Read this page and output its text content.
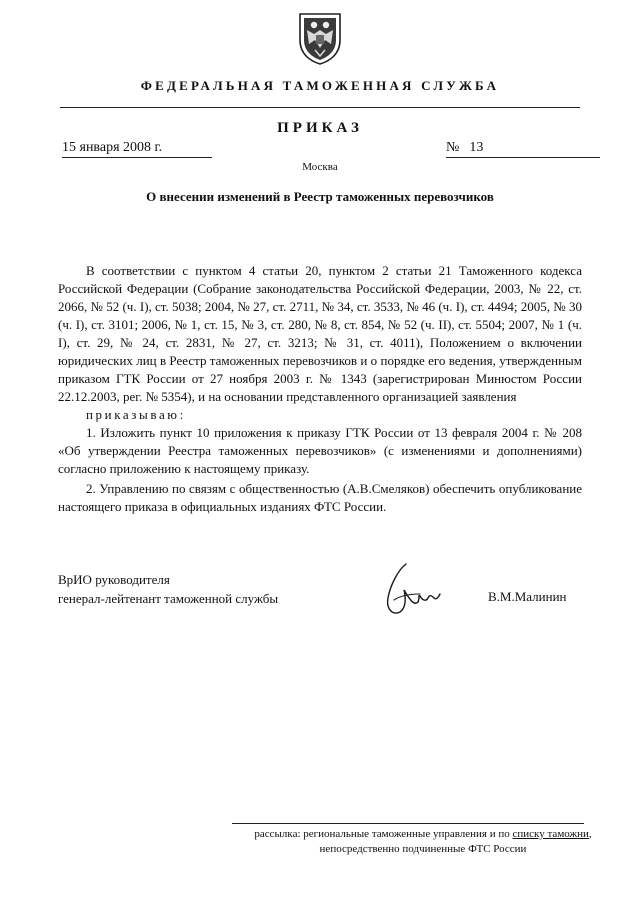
ФЕДЕРАЛЬНАЯ ТАМОЖЕННАЯ СЛУЖБА
ПРИКАЗ
15 января 2008 г.	№ 13
Москва
О внесении изменений в Реестр таможенных перевозчиков

В соответствии с пунктом 4 статьи 20, пунктом 2 статьи 21 Таможенного кодекса Российской Федерации (Собрание законодательства Российской Федерации, 2003, № 22, ст. 2066, № 52 (ч. I), ст. 5038; 2004, № 27, ст. 2711, № 34, ст. 3533, № 46 (ч. I), ст. 4494; 2005, № 30 (ч. I), ст. 3101; 2006, № 1, ст. 15, № 3, ст. 280, № 8, ст. 854, № 52 (ч. II), ст. 5504; 2007, № 1 (ч. I), ст. 29, № 24, ст. 2831, № 27, ст. 3213; № 31, ст. 4011), Положением о включении юридических лиц в Реестр таможенных перевозчиков и о порядке его ведения, утвержденным приказом ГТК России от 27 ноября 2003 г. № 1343 (зарегистрирован Минюстом России 22.12.2003, рег. № 5354), и на основании представленного организацией заявления

приказываю:

1. Изложить пункт 10 приложения к приказу ГТК России от 13 февраля 2004 г. № 208 «Об утверждении Реестра таможенных перевозчиков» (с изменениями и дополнениями) согласно приложению к настоящему приказу.

2. Управлению по связям с общественностью (А.В.Смеляков) обеспечить опубликование настоящего приказа в официальных изданиях ФТС России.

ВрИО руководителя
генерал-лейтенант таможенной службы	В.М.Малинин
рассылка: региональные таможенные управления и по списку таможни,
непосредственно подчиненные ФТС России
